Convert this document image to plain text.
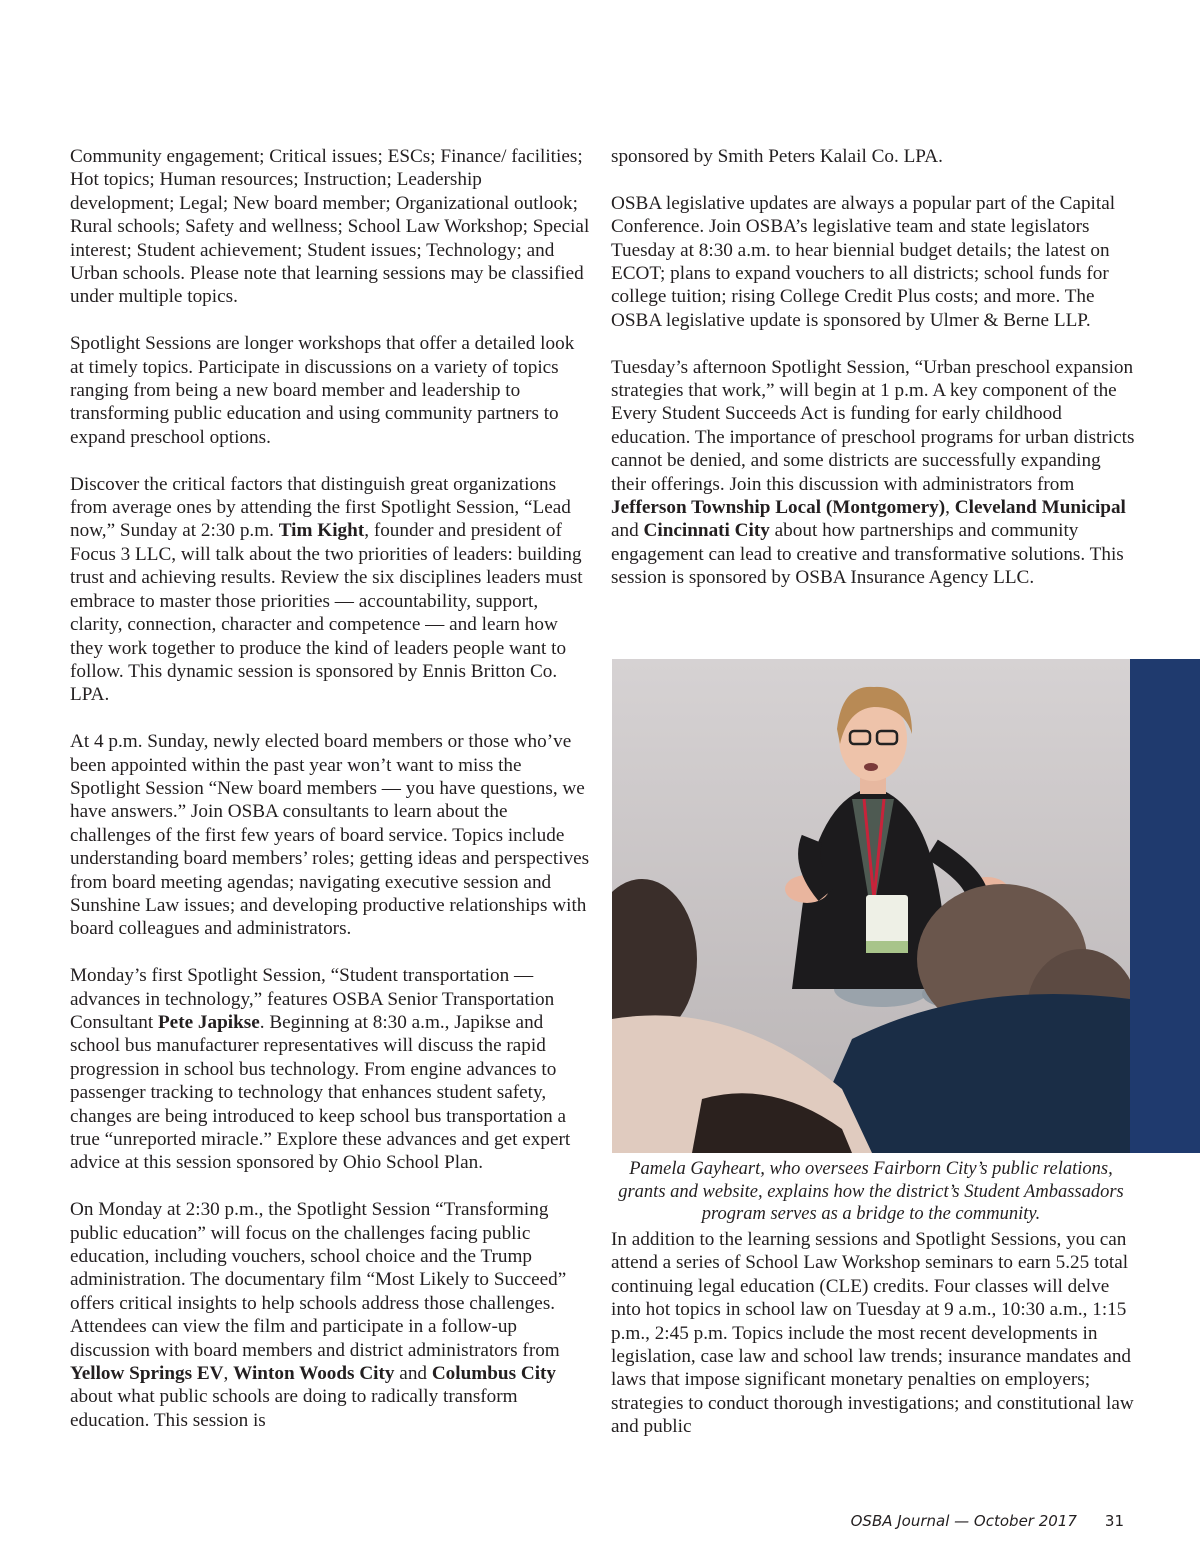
Community engagement; Critical issues; ESCs; Finance/ facilities; Hot topics; Human resources; Instruction; Leadership development; Legal; New board member; Organizational outlook; Rural schools; Safety and wellness; School Law Workshop; Special interest; Student achievement; Student issues; Technology; and Urban schools. Please note that learning sessions may be classified under multiple topics.

Spotlight Sessions are longer workshops that offer a detailed look at timely topics. Participate in discussions on a variety of topics ranging from being a new board member and leadership to transforming public education and using community partners to expand preschool options.

Discover the critical factors that distinguish great organizations from average ones by attending the first Spotlight Session, “Lead now,” Sunday at 2:30 p.m. Tim Kight, founder and president of Focus 3 LLC, will talk about the two priorities of leaders: building trust and achieving results. Review the six disciplines leaders must embrace to master those priorities — accountability, support, clarity, connection, character and competence — and learn how they work together to produce the kind of leaders people want to follow. This dynamic session is sponsored by Ennis Britton Co. LPA.

At 4 p.m. Sunday, newly elected board members or those who’ve been appointed within the past year won’t want to miss the Spotlight Session “New board members — you have questions, we have answers.” Join OSBA consultants to learn about the challenges of the first few years of board service. Topics include understanding board members’ roles; getting ideas and perspectives from board meeting agendas; navigating executive session and Sunshine Law issues; and developing productive relationships with board colleagues and administrators.

Monday’s first Spotlight Session, “Student transportation — advances in technology,” features OSBA Senior Transportation Consultant Pete Japikse. Beginning at 8:30 a.m., Japikse and school bus manufacturer representatives will discuss the rapid progression in school bus technology. From engine advances to passenger tracking to technology that enhances student safety, changes are being introduced to keep school bus transportation a true “unreported miracle.” Explore these advances and get expert advice at this session sponsored by Ohio School Plan.

On Monday at 2:30 p.m., the Spotlight Session “Transforming public education” will focus on the challenges facing public education, including vouchers, school choice and the Trump administration. The documentary film “Most Likely to Succeed” offers critical insights to help schools address those challenges. Attendees can view the film and participate in a follow-up discussion with board members and district administrators from Yellow Springs EV, Winton Woods City and Columbus City about what public schools are doing to radically transform education. This session is

sponsored by Smith Peters Kalail Co. LPA.

OSBA legislative updates are always a popular part of the Capital Conference. Join OSBA’s legislative team and state legislators Tuesday at 8:30 a.m. to hear biennial budget details; the latest on ECOT; plans to expand vouchers to all districts; school funds for college tuition; rising College Credit Plus costs; and more. The OSBA legislative update is sponsored by Ulmer & Berne LLP.

Tuesday’s afternoon Spotlight Session, “Urban preschool expansion strategies that work,” will begin at 1 p.m. A key component of the Every Student Succeeds Act is funding for early childhood education. The importance of preschool programs for urban districts cannot be denied, and some districts are successfully expanding their offerings. Join this discussion with administrators from Jefferson Township Local (Montgomery), Cleveland Municipal and Cincinnati City about how partnerships and community engagement can lead to creative and transformative solutions. This session is sponsored by OSBA Insurance Agency LLC.

Pamela Gayheart, who oversees Fairborn City’s public relations, grants and website, explains how the district’s Student Ambassadors program serves as a bridge to the community.

In addition to the learning sessions and Spotlight Sessions, you can attend a series of School Law Workshop seminars to earn 5.25 total continuing legal education (CLE) credits. Four classes will delve into hot topics in school law on Tuesday at 9 a.m., 10:30 a.m., 1:15 p.m., 2:45 p.m. Topics include the most recent developments in legislation, case law and school law trends; insurance mandates and laws that impose significant monetary penalties on employers; strategies to conduct thorough investigations; and constitutional law and public

OSBA Journal — October 2017 31
